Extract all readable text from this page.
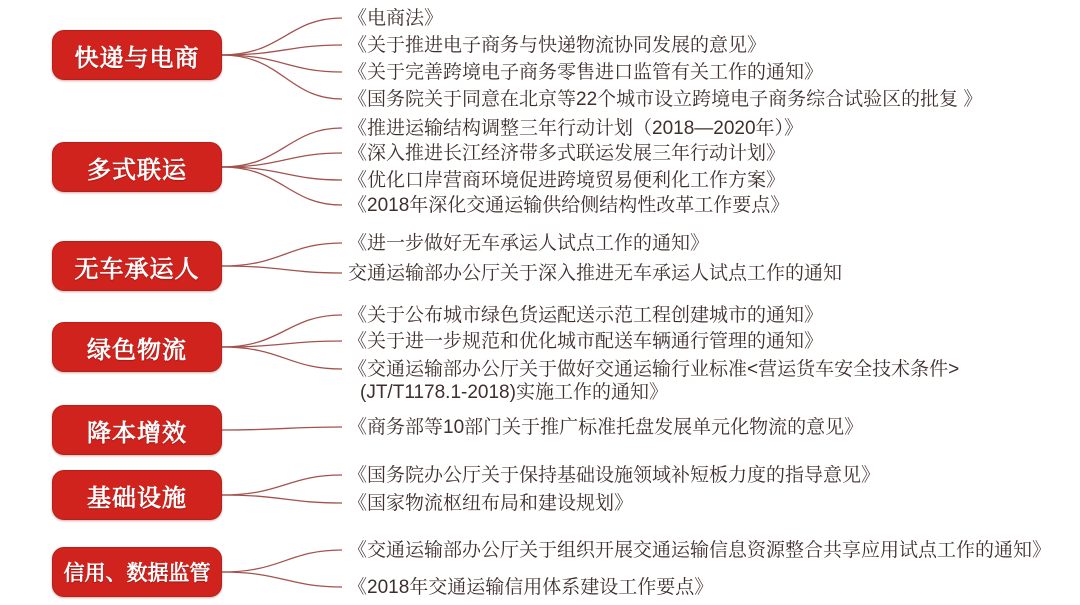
快递与电商
《电商法》
《关于推进电子商务与快递物流协同发展的意见》
《关于完善跨境电子商务零售进口监管有关工作的通知》
《国务院关于同意在北京等22个城市设立跨境电子商务综合试验区的批复 》
多式联运
《推进运输结构调整三年行动计划（2018—2020年）》
《深入推进长江经济带多式联运发展三年行动计划》
《优化口岸营商环境促进跨境贸易便利化工作方案》
《2018年深化交通运输供给侧结构性改革工作要点》
无车承运人
《进一步做好无车承运人试点工作的通知》
交通运输部办公厅关于深入推进无车承运人试点工作的通知
绿色物流
《关于公布城市绿色货运配送示范工程创建城市的通知》
《关于进一步规范和优化城市配送车辆通行管理的通知》
《交通运输部办公厅关于做好交通运输行业标准<营运货车安全技术条件>
(JT/T1178.1-2018)实施工作的通知》
降本增效	《商务部等10部门关于推广标准托盘发展单元化物流的意见》
基础设施
《国务院办公厅关于保持基础设施领域补短板力度的指导意见》
《国家物流枢纽布局和建设规划》
信用、数据监管
《交通运输部办公厅关于组织开展交通运输信息资源整合共享应用试点工作的通知》
《2018年交通运输信用体系建设工作要点》
